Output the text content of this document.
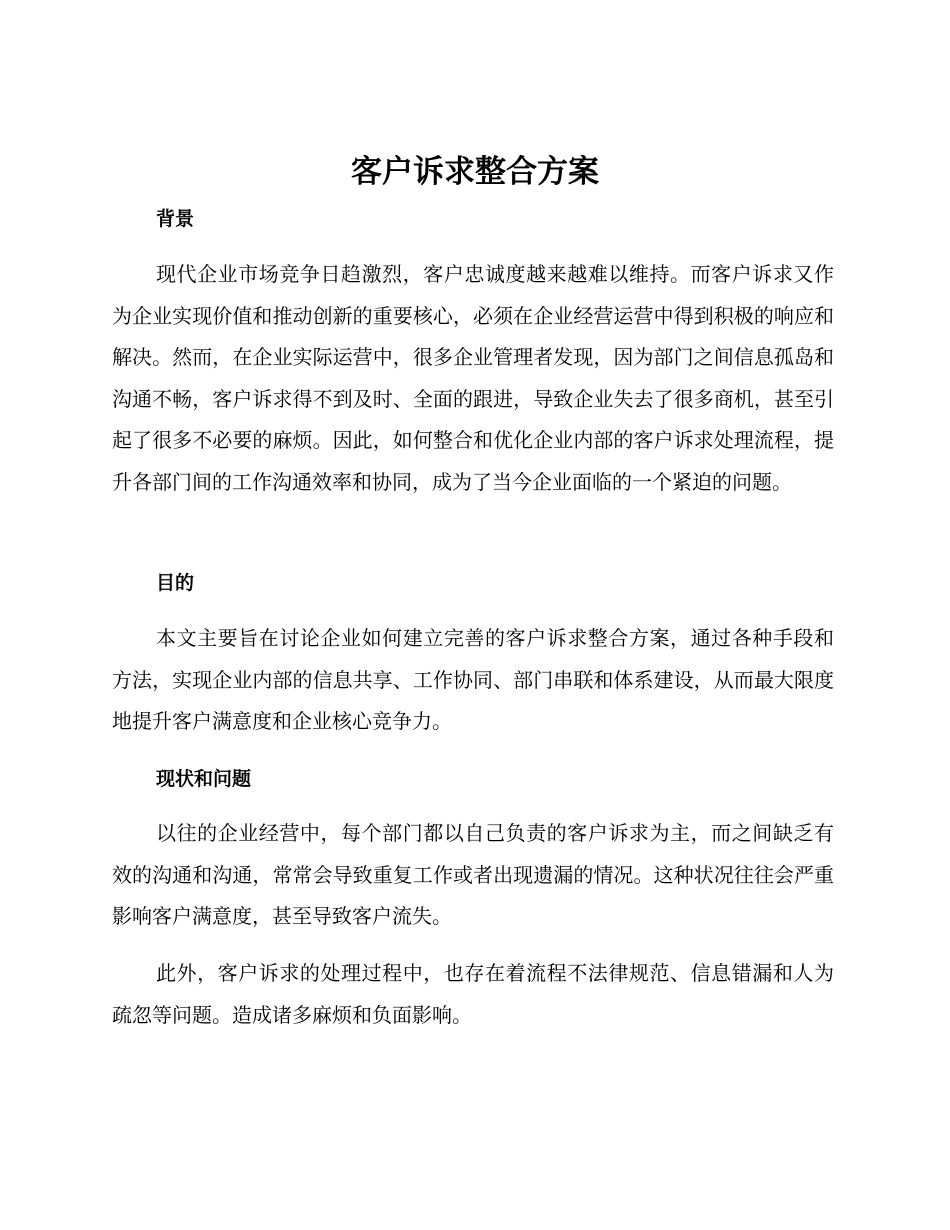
客户诉求整合方案
背景

现代企业市场竞争日趋激烈，客户忠诚度越来越难以维持。而客户诉求又作为企业实现价值和推动创新的重要核心，必须在企业经营运营中得到积极的响应和解决。然而，在企业实际运营中，很多企业管理者发现，因为部门之间信息孤岛和沟通不畅，客户诉求得不到及时、全面的跟进，导致企业失去了很多商机，甚至引起了很多不必要的麻烦。因此，如何整合和优化企业内部的客户诉求处理流程，提升各部门间的工作沟通效率和协同，成为了当今企业面临的一个紧迫的问题。

目的

本文主要旨在讨论企业如何建立完善的客户诉求整合方案，通过各种手段和方法，实现企业内部的信息共享、工作协同、部门串联和体系建设，从而最大限度地提升客户满意度和企业核心竞争力。

现状和问题

以往的企业经营中，每个部门都以自己负责的客户诉求为主，而之间缺乏有效的沟通和沟通，常常会导致重复工作或者出现遗漏的情况。这种状况往往会严重影响客户满意度，甚至导致客户流失。

此外，客户诉求的处理过程中，也存在着流程不法律规范、信息错漏和人为疏忽等问题。造成诸多麻烦和负面影响。
